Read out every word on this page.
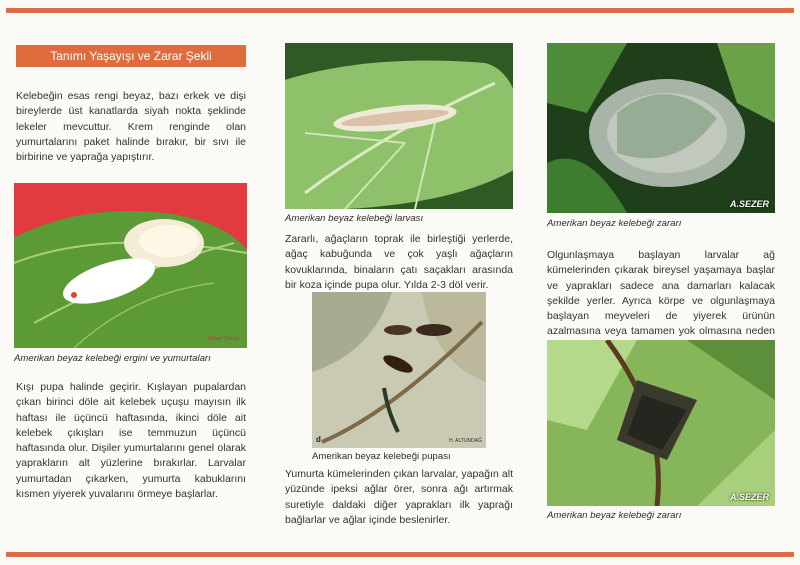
Tanımı Yaşayışı ve Zarar Şekli
Kelebeğin esas rengi beyaz, bazı erkek ve dişi bireylerde üst kanatlarda siyah nokta şeklinde lekeler mevcuttur. Krem renginde olan yumurtalarını paket halinde bırakır, bir sıvı ile birbirine ve yaprağa yapıştırır.
Bülent Yılmaz
Amerikan beyaz kelebeği ergini ve yumurtaları
Kışı pupa halinde geçirir. Kışlayan pupalardan çıkan birinci döle ait kelebek uçuşu mayısın ilk haftası ile üçüncü haftasında, ikinci döle ait kelebek çıkışları ise temmuzun üçüncü haftasında olur. Dişiler yumurtalarını genel olarak yaprakların alt yüzlerine bırakırlar. Larvalar yumurtadan çıkarken, yumurta kabuklarını kısmen yiyerek yuvalarını örmeye başlarlar.
Amerikan beyaz kelebeği larvası
Zararlı, ağaçların toprak ile birleştiği yerlerde, ağaç kabuğunda ve çok yaşlı ağaçların kovuklarında, binaların çatı saçakları arasında bir koza içinde pupa olur. Yılda 2-3 döl verir.
d	H. ALTUNDAĞ
Amerikan beyaz kelebeği pupası
Yumurta kümelerinden çıkan larvalar, yapağın alt yüzünde ipeksi ağlar örer, sonra ağı artırmak suretiyle daldaki diğer yaprakları ilk yaprağı bağlarlar ve ağlar içinde beslenirler.
A.SEZER
Amerikan beyaz kelebeği zararı
Olgunlaşmaya başlayan larvalar ağ kümelerinden çıkarak bireysel yaşamaya başlar ve yaprakları sadece ana damarları kalacak şekilde yerler. Ayrıca körpe ve olgunlaşmaya başlayan meyveleri de yiyerek ürünün azalmasına veya tamamen yok olmasına neden
A.SEZER
Amerikan beyaz kelebeği zararı
